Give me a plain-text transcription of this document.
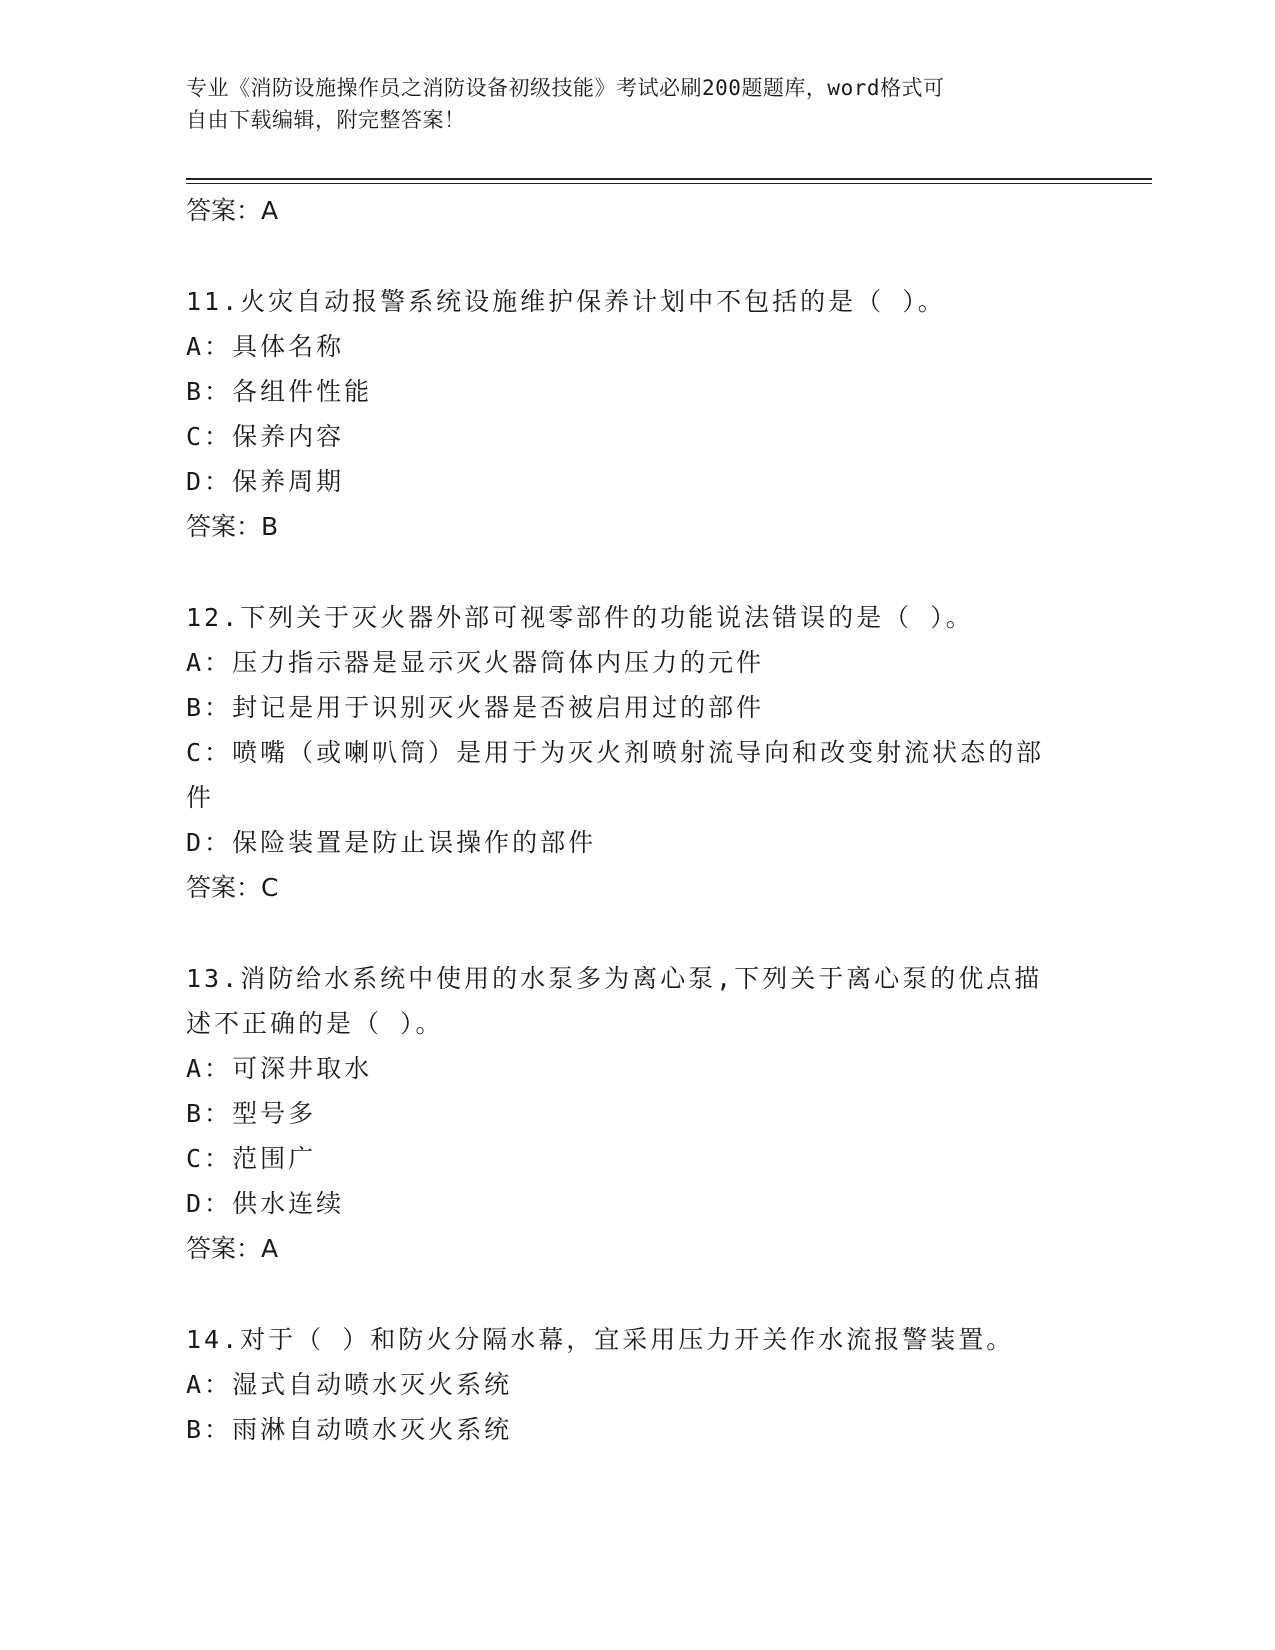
专业《消防设施操作员之消防设备初级技能》考试必刷200题题库，word格式可
自由下载编辑，附完整答案！
答案：A
11.火灾自动报警系统设施维护保养计划中不包括的是（ ）。
A：具体名称
B：各组件性能
C：保养内容
D：保养周期
答案：B
12.下列关于灭火器外部可视零部件的功能说法错误的是（ ）。
A：压力指示器是显示灭火器筒体内压力的元件
B：封记是用于识别灭火器是否被启用过的部件
C：喷嘴（或喇叭筒）是用于为灭火剂喷射流导向和改变射流状态的部
件
D：保险装置是防止误操作的部件
答案：C
13.消防给水系统中使用的水泵多为离心泵,下列关于离心泵的优点描
述不正确的是（ ）。
A：可深井取水
B：型号多
C：范围广
D：供水连续
答案：A
14.对于（ ）和防火分隔水幕，宜采用压力开关作水流报警装置。
A：湿式自动喷水灭火系统
B：雨淋自动喷水灭火系统
